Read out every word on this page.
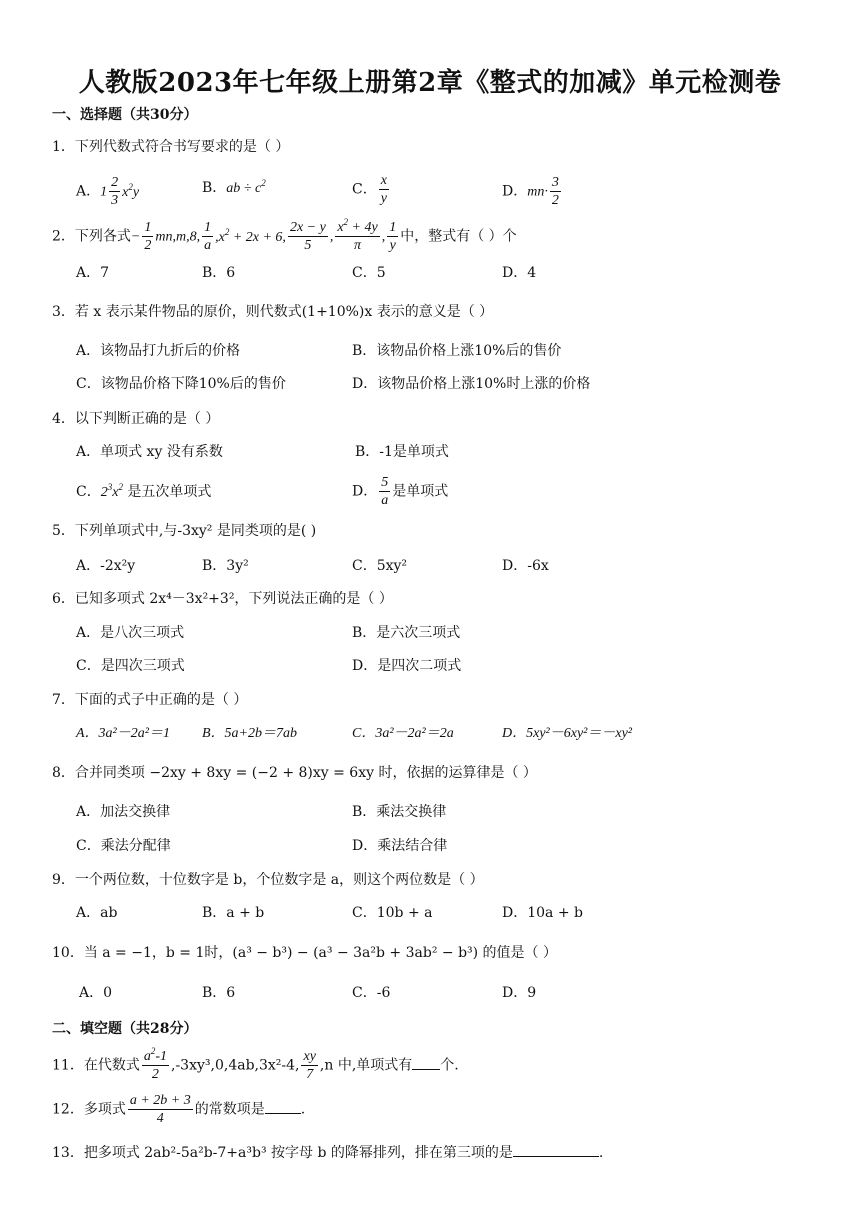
人教版2023年七年级上册第2章《整式的加减》单元检测卷
一、选择题（共30分）
1．下列代数式符合书写要求的是（ ）
A．$1 \frac{2}{3} x^2y$	B．ab ÷ $c^2$	C． $\frac{x}{y}$	D．$mn\cdot \frac{3}{2}$
2．下列各式− $\frac{1}{2} mn,m,8$, $\frac{1}{a} ,x^2 + 2x + 6$, $\frac{2x - y}{5}$ , $\frac{x^2 + 4y}{\pi}$ , $\frac{1}{y}$ 中，整式有（ ）个
A．7	B．6	C．5	D．4
3．若 x 表示某件物品的原价，则代数式(1+10%)x 表示的意义是（ ）
A．该物品打九折后的价格	B．该物品价格上涨10%后的售价
C．该物品价格下降10%后的售价	D．该物品价格上涨10%时上涨的价格
4．以下判断正确的是（ ）
A．单项式 xy 没有系数	B．-1是单项式
C．$2^3x^2$ 是五次单项式	D． $\frac{5}{a}$ 是单项式
5．下列单项式中,与-3xy² 是同类项的是( )
A．-2x²y	B．3y²	C．5xy²	D．-6x
6．已知多项式 2x⁴－3x²+3²，下列说法正确的是（ ）
A．是八次三项式	B．是六次三项式
C．是四次三项式	D．是四次二项式
7．下面的式子中正确的是（ ）
A．3a²－2a²＝1 B．5a+2b＝7ab	C．3a²－2a²＝2a	D．5xy²－6xy²＝－xy²
8．合并同类项 −2xy + 8xy = (−2 + 8)xy = 6xy 时，依据的运算律是（ ）
A．加法交换律	B．乘法交换律
C．乘法分配律	D．乘法结合律
9．一个两位数，十位数字是 b，个位数字是 a，则这个两位数是（ ）
A．ab	B．a + b	C．10b + a	D．10a + b
10．当 a = −1，b = 1时，(a³ − b³) − (a³ − 3a²b + 3ab² − b³) 的值是（ ）
A．0	B．6	C．-6	D．9
二、填空题（共28分）
11．在代数式 $\frac{a^2-1}{2} ,-3xy^3,0,4ab,3x^2-4$, $\frac{xy}{7} ,n$ 中,单项式有 个.
12．多项式 $\frac{a + 2b + 3}{4}$ 的常数项是	.
13．把多项式 2ab²-5a²b-7+a³b³ 按字母 b 的降幂排列，排在第三项的是	.
